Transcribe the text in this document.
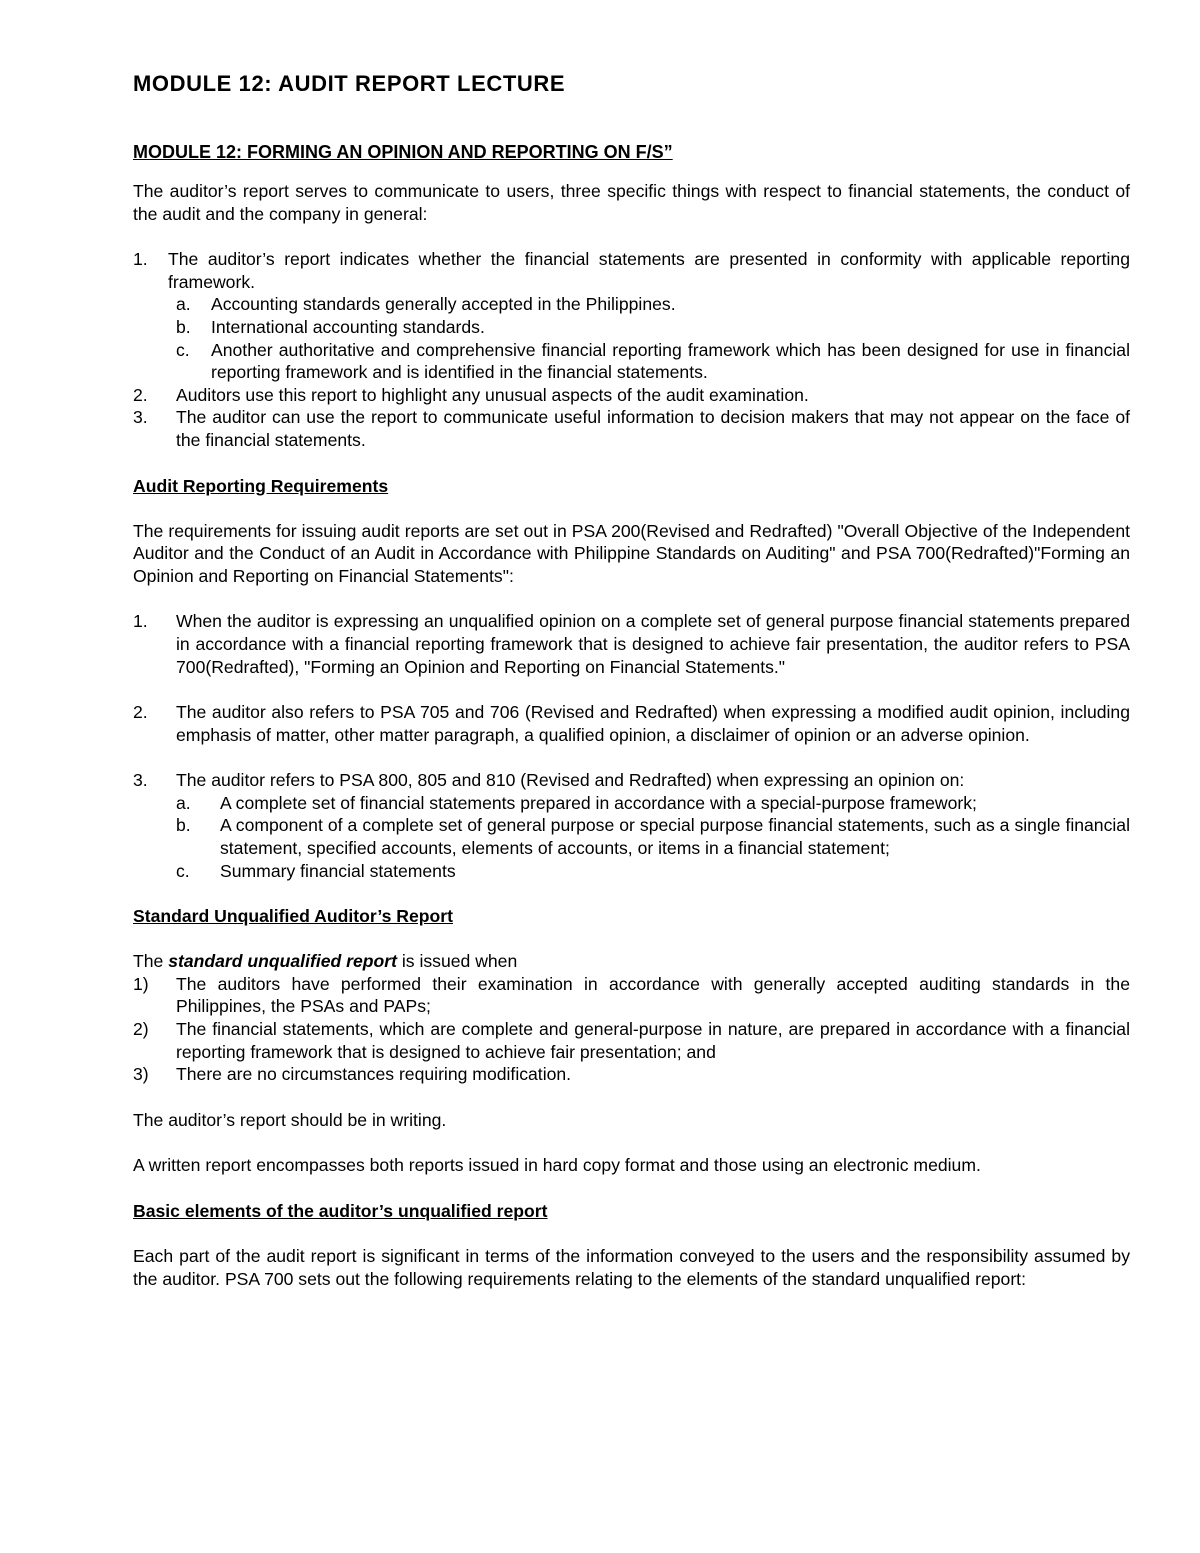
MODULE 12: AUDIT REPORT LECTURE
MODULE 12: FORMING AN OPINION AND REPORTING ON F/S”

The auditor’s report serves to communicate to users, three specific things with respect to financial statements, the conduct of the audit and the company in general:

1.	The auditor’s report indicates whether the financial statements are presented in conformity with applicable reporting framework.
a.	Accounting standards generally accepted in the Philippines.
b.	International accounting standards.
c.	Another authoritative and comprehensive financial reporting framework which has been designed for use in financial reporting framework and is identified in the financial statements.
2.	Auditors use this report to highlight any unusual aspects of the audit examination.
3.	The auditor can use the report to communicate useful information to decision makers that may not appear on the face of the financial statements.
Audit Reporting Requirements

The requirements for issuing audit reports are set out in PSA 200(Revised and Redrafted) "Overall Objective of the Independent Auditor and the Conduct of an Audit in Accordance with Philippine Standards on Auditing" and PSA 700(Redrafted)"Forming an Opinion and Reporting on Financial Statements":

1.	When the auditor is expressing an unqualified opinion on a complete set of general purpose financial statements prepared in accordance with a financial reporting framework that is designed to achieve fair presentation, the auditor refers to PSA 700(Redrafted), "Forming an Opinion and Reporting on Financial Statements."
2.	The auditor also refers to PSA 705 and 706 (Revised and Redrafted) when expressing a modified audit opinion, including emphasis of matter, other matter paragraph, a qualified opinion, a disclaimer of opinion or an adverse opinion.
3.	The auditor refers to PSA 800, 805 and 810 (Revised and Redrafted) when expressing an opinion on:
a.	A complete set of financial statements prepared in accordance with a special-purpose framework;
b.	A component of a complete set of general purpose or special purpose financial statements, such as a single financial statement, specified accounts, elements of accounts, or items in a financial statement;
c.	Summary financial statements
Standard Unqualified Auditor’s Report

The standard unqualified report is issued when

1)	The auditors have performed their examination in accordance with generally accepted auditing standards in the Philippines, the PSAs and PAPs;
2)	The financial statements, which are complete and general-purpose in nature, are prepared in accordance with a financial reporting framework that is designed to achieve fair presentation; and
3)	There are no circumstances requiring modification.

The auditor’s report should be in writing.

A written report encompasses both reports issued in hard copy format and those using an electronic medium.

Basic elements of the auditor’s unqualified report

Each part of the audit report is significant in terms of the information conveyed to the users and the responsibility assumed by the auditor. PSA 700 sets out the following requirements relating to the elements of the standard unqualified report:
